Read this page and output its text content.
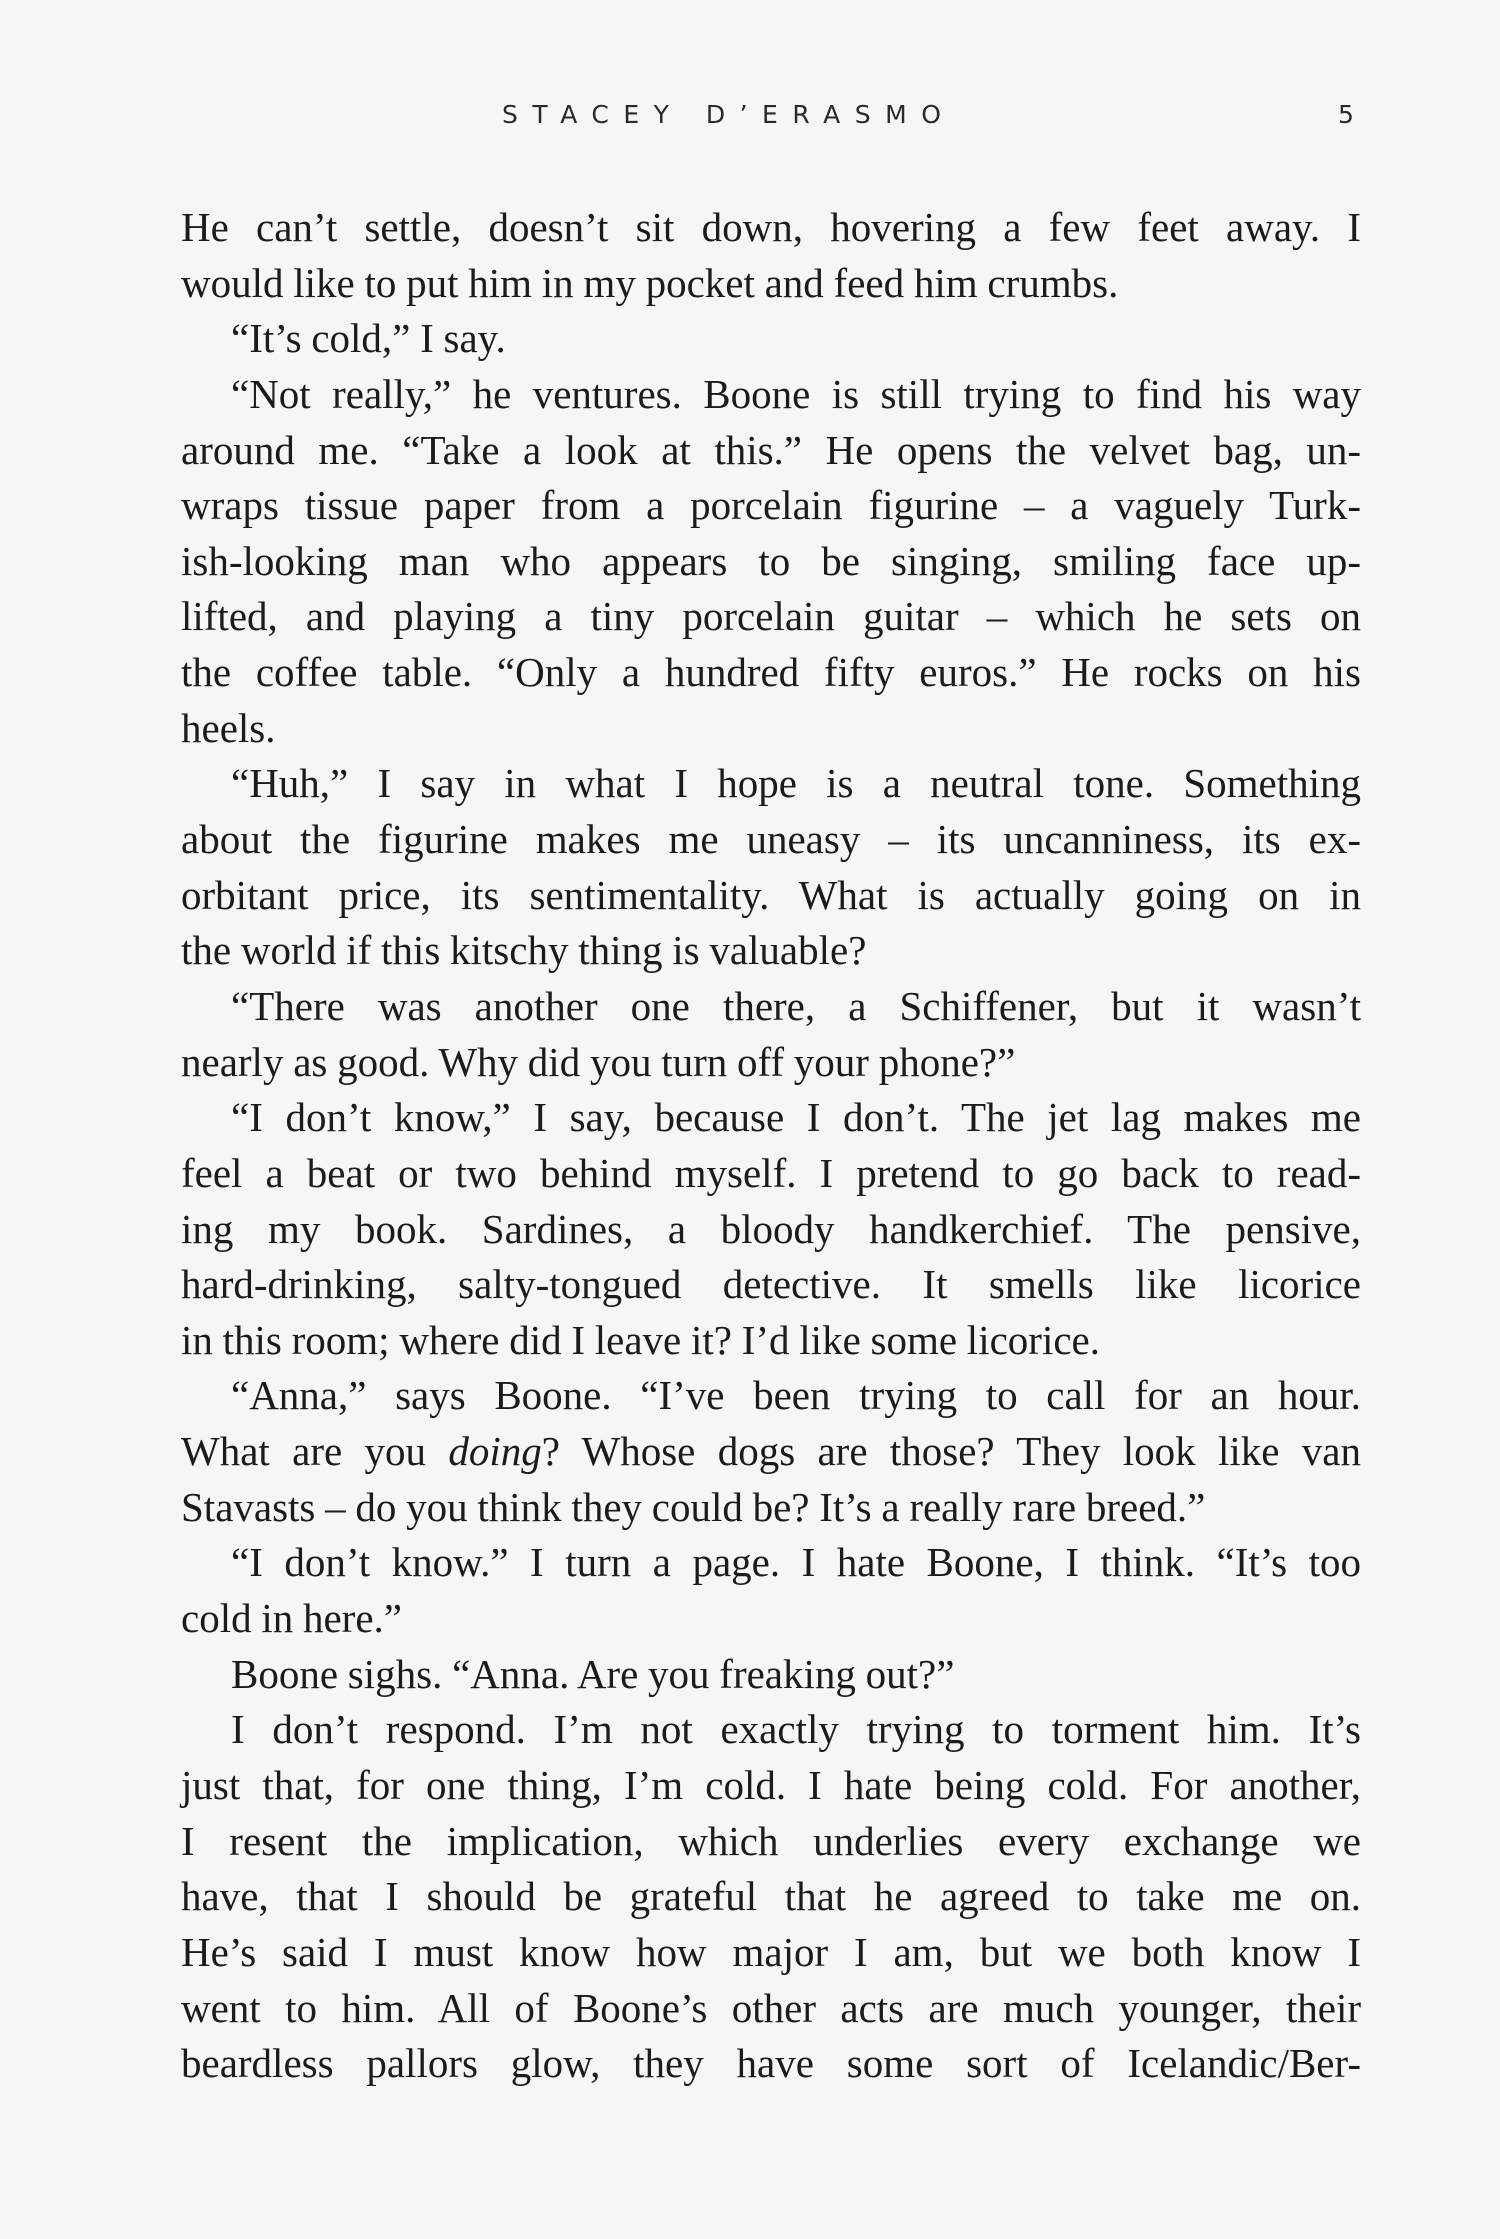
STACEY D’ERASMO	5
He can’t settle, doesn’t sit down, hovering a few feet away. I
would like to put him in my pocket and feed him crumbs.
“It’s cold,” I say.
“Not really,” he ventures. Boone is still trying to find his way
around me. “Take a look at this.” He opens the velvet bag, un-
wraps tissue paper from a porcelain figurine – a vaguely Turk-
ish-looking man who appears to be singing, smiling face up-
lifted, and playing a tiny porcelain guitar – which he sets on
the coffee table. “Only a hundred fifty euros.” He rocks on his
heels.
“Huh,” I say in what I hope is a neutral tone. Something
about the figurine makes me uneasy – its uncanniness, its ex-
orbitant price, its sentimentality. What is actually going on in
the world if this kitschy thing is valuable?
“There was another one there, a Schiffener, but it wasn’t
nearly as good. Why did you turn off your phone?”
“I don’t know,” I say, because I don’t. The jet lag makes me
feel a beat or two behind myself. I pretend to go back to read-
ing my book. Sardines, a bloody handkerchief. The pensive,
hard-drinking, salty-tongued detective. It smells like licorice
in this room; where did I leave it? I’d like some licorice.
“Anna,” says Boone. “I’ve been trying to call for an hour.
What are you doing? Whose dogs are those? They look like van
Stavasts – do you think they could be? It’s a really rare breed.”
“I don’t know.” I turn a page. I hate Boone, I think. “It’s too
cold in here.”
Boone sighs. “Anna. Are you freaking out?”
I don’t respond. I’m not exactly trying to torment him. It’s
just that, for one thing, I’m cold. I hate being cold. For another,
I resent the implication, which underlies every exchange we
have, that I should be grateful that he agreed to take me on.
He’s said I must know how major I am, but we both know I
went to him. All of Boone’s other acts are much younger, their
beardless pallors glow, they have some sort of Icelandic/Ber-
